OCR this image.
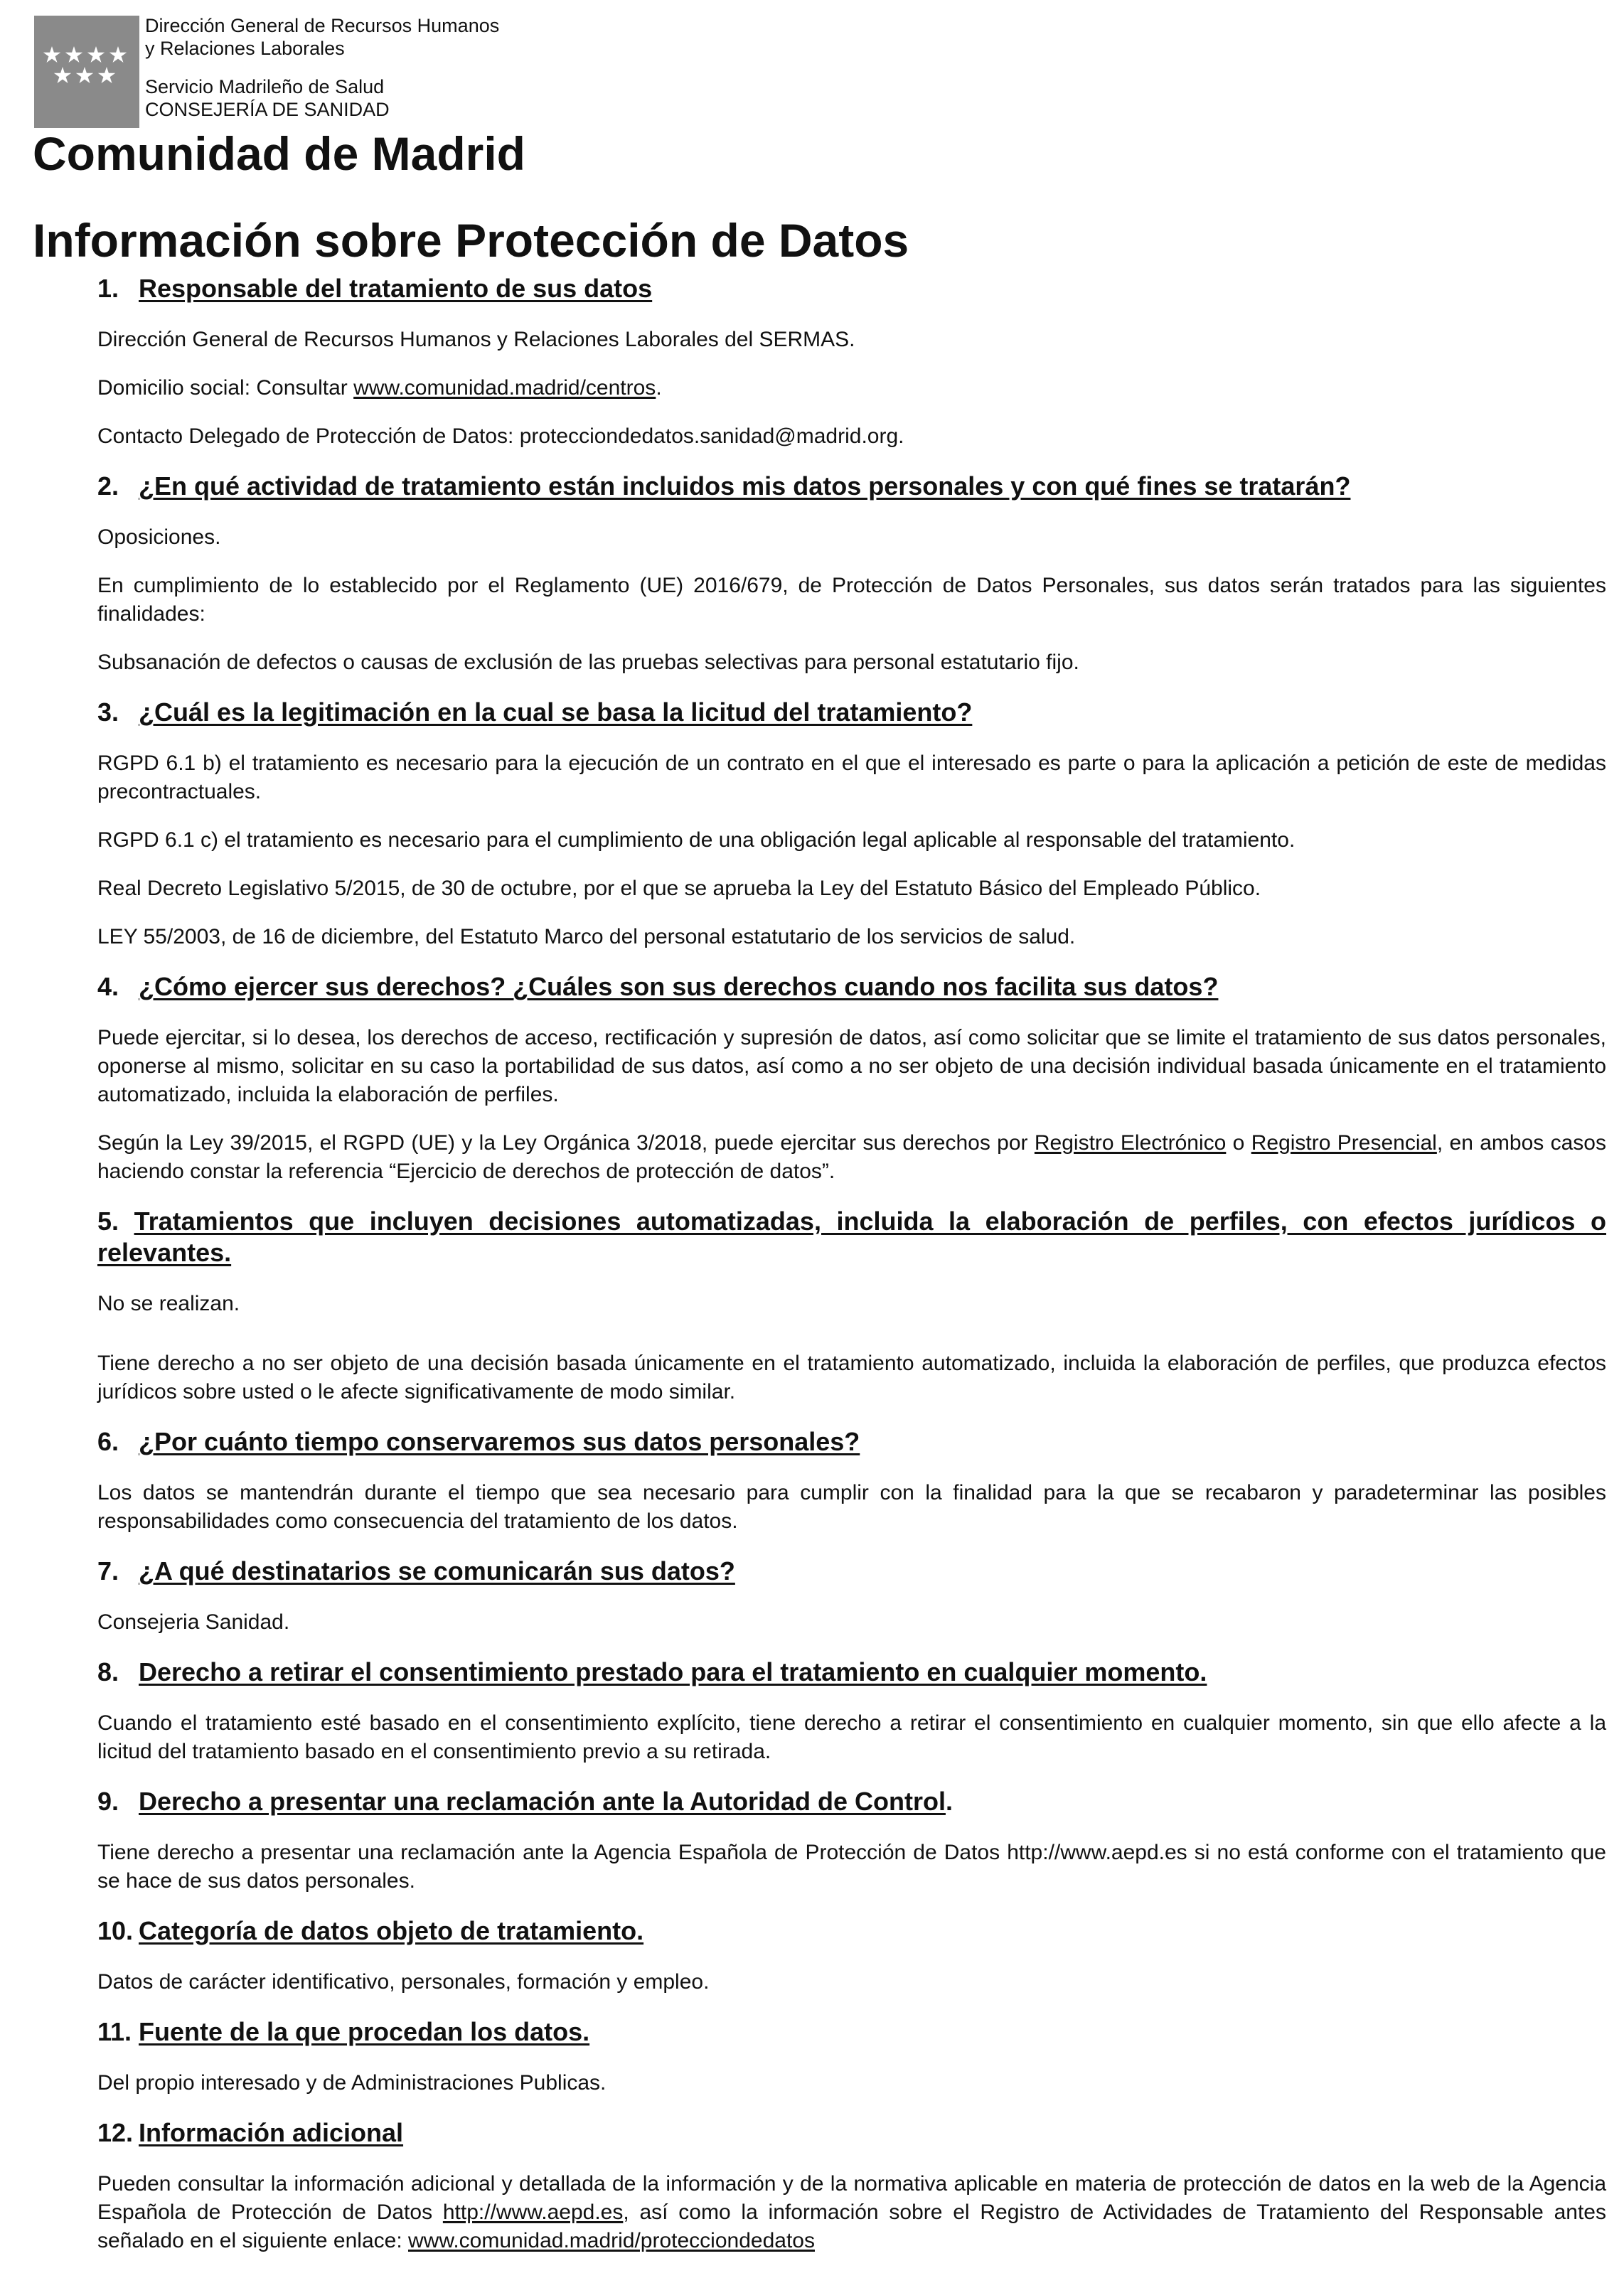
Dirección General de Recursos Humanos
y Relaciones Laborales
Servicio Madrileño de Salud
CONSEJERÍA DE SANIDAD
Comunidad de Madrid
Información sobre Protección de Datos
1. Responsable del tratamiento de sus datos

Dirección General de Recursos Humanos y Relaciones Laborales del SERMAS.

Domicilio social: Consultar www.comunidad.madrid/centros.

Contacto Delegado de Protección de Datos: protecciondedatos.sanidad@madrid.org.

2. ¿En qué actividad de tratamiento están incluidos mis datos personales y con qué fines se tratarán?

Oposiciones.

En cumplimiento de lo establecido por el Reglamento (UE) 2016/679, de Protección de Datos Personales, sus datos serán tratados para las siguientes finalidades:

Subsanación de defectos o causas de exclusión de las pruebas selectivas para personal estatutario fijo.

3. ¿Cuál es la legitimación en la cual se basa la licitud del tratamiento?

RGPD 6.1 b) el tratamiento es necesario para la ejecución de un contrato en el que el interesado es parte o para la aplicación a petición de este de medidas precontractuales.

RGPD 6.1 c) el tratamiento es necesario para el cumplimiento de una obligación legal aplicable al responsable del tratamiento.

Real Decreto Legislativo 5/2015, de 30 de octubre, por el que se aprueba la Ley del Estatuto Básico del Empleado Público.

LEY 55/2003, de 16 de diciembre, del Estatuto Marco del personal estatutario de los servicios de salud.

4. ¿Cómo ejercer sus derechos? ¿Cuáles son sus derechos cuando nos facilita sus datos?

Puede ejercitar, si lo desea, los derechos de acceso, rectificación y supresión de datos, así como solicitar que se limite el tratamiento de sus datos personales, oponerse al mismo, solicitar en su caso la portabilidad de sus datos, así como a no ser objeto de una decisión individual basada únicamente en el tratamiento automatizado, incluida la elaboración de perfiles.

Según la Ley 39/2015, el RGPD (UE) y la Ley Orgánica 3/2018, puede ejercitar sus derechos por Registro Electrónico o Registro Presencial, en ambos casos haciendo constar la referencia “Ejercicio de derechos de protección de datos”.

5. Tratamientos que incluyen decisiones automatizadas, incluida la elaboración de perfiles, con efectos jurídicos o relevantes.

No se realizan.

Tiene derecho a no ser objeto de una decisión basada únicamente en el tratamiento automatizado, incluida la elaboración de perfiles, que produzca efectos jurídicos sobre usted o le afecte significativamente de modo similar.

6. ¿Por cuánto tiempo conservaremos sus datos personales?

Los datos se mantendrán durante el tiempo que sea necesario para cumplir con la finalidad para la que se recabaron y paradeterminar las posibles responsabilidades como consecuencia del tratamiento de los datos.

7. ¿A qué destinatarios se comunicarán sus datos?

Consejeria Sanidad.

8. Derecho a retirar el consentimiento prestado para el tratamiento en cualquier momento.

Cuando el tratamiento esté basado en el consentimiento explícito, tiene derecho a retirar el consentimiento en cualquier momento, sin que ello afecte a la licitud del tratamiento basado en el consentimiento previo a su retirada.

9. Derecho a presentar una reclamación ante la Autoridad de Control.

Tiene derecho a presentar una reclamación ante la Agencia Española de Protección de Datos http://www.aepd.es si no está conforme con el tratamiento que se hace de sus datos personales.

10. Categoría de datos objeto de tratamiento.

Datos de carácter identificativo, personales, formación y empleo.

11. Fuente de la que procedan los datos.

Del propio interesado y de Administraciones Publicas.

12. Información adicional

Pueden consultar la información adicional y detallada de la información y de la normativa aplicable en materia de protección de datos en la web de la Agencia Española de Protección de Datos http://www.aepd.es, así como la información sobre el Registro de Actividades de Tratamiento del Responsable antes señalado en el siguiente enlace: www.comunidad.madrid/protecciondedatos
